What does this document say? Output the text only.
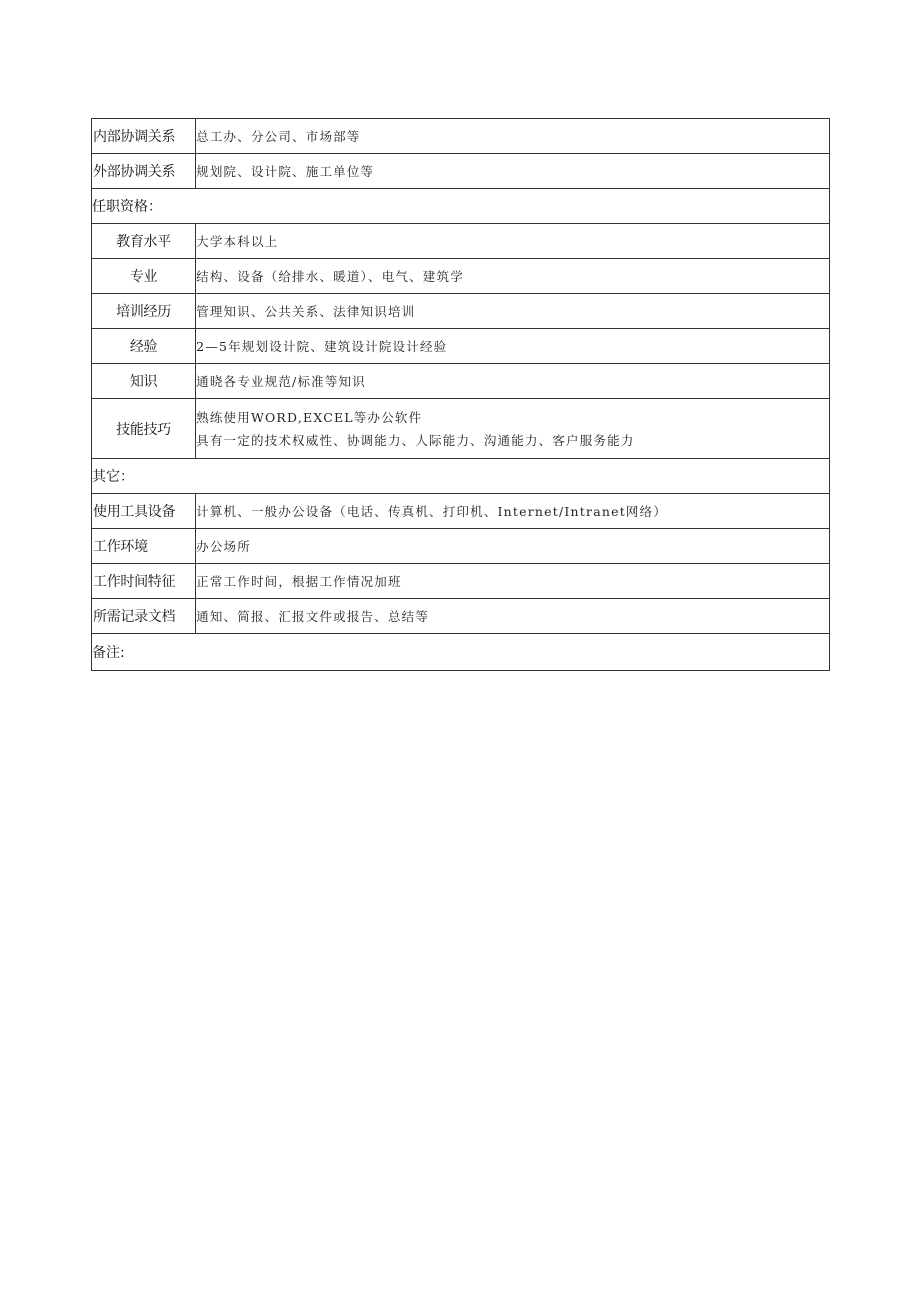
内部协调关系	总工办、分公司、市场部等
外部协调关系	规划院、设计院、施工单位等
任职资格：	
教育水平	大学本科以上
专业	结构、设备（给排水、暖道）、电气、建筑学
培训经历	管理知识、公共关系、法律知识培训
经验	2—5年规划设计院、建筑设计院设计经验
知识	通晓各专业规范/标准等知识
技能技巧	熟练使用WORD,EXCEL等办公软件
具有一定的技术权威性、协调能力、人际能力、沟通能力、客户服务能力

其它：	
使用工具设备	计算机、一般办公设备（电话、传真机、打印机、Internet/Intranet网络）
工作环境	办公场所
工作时间特征	正常工作时间，根据工作情况加班
所需记录文档	通知、简报、汇报文件或报告、总结等
备注:	
